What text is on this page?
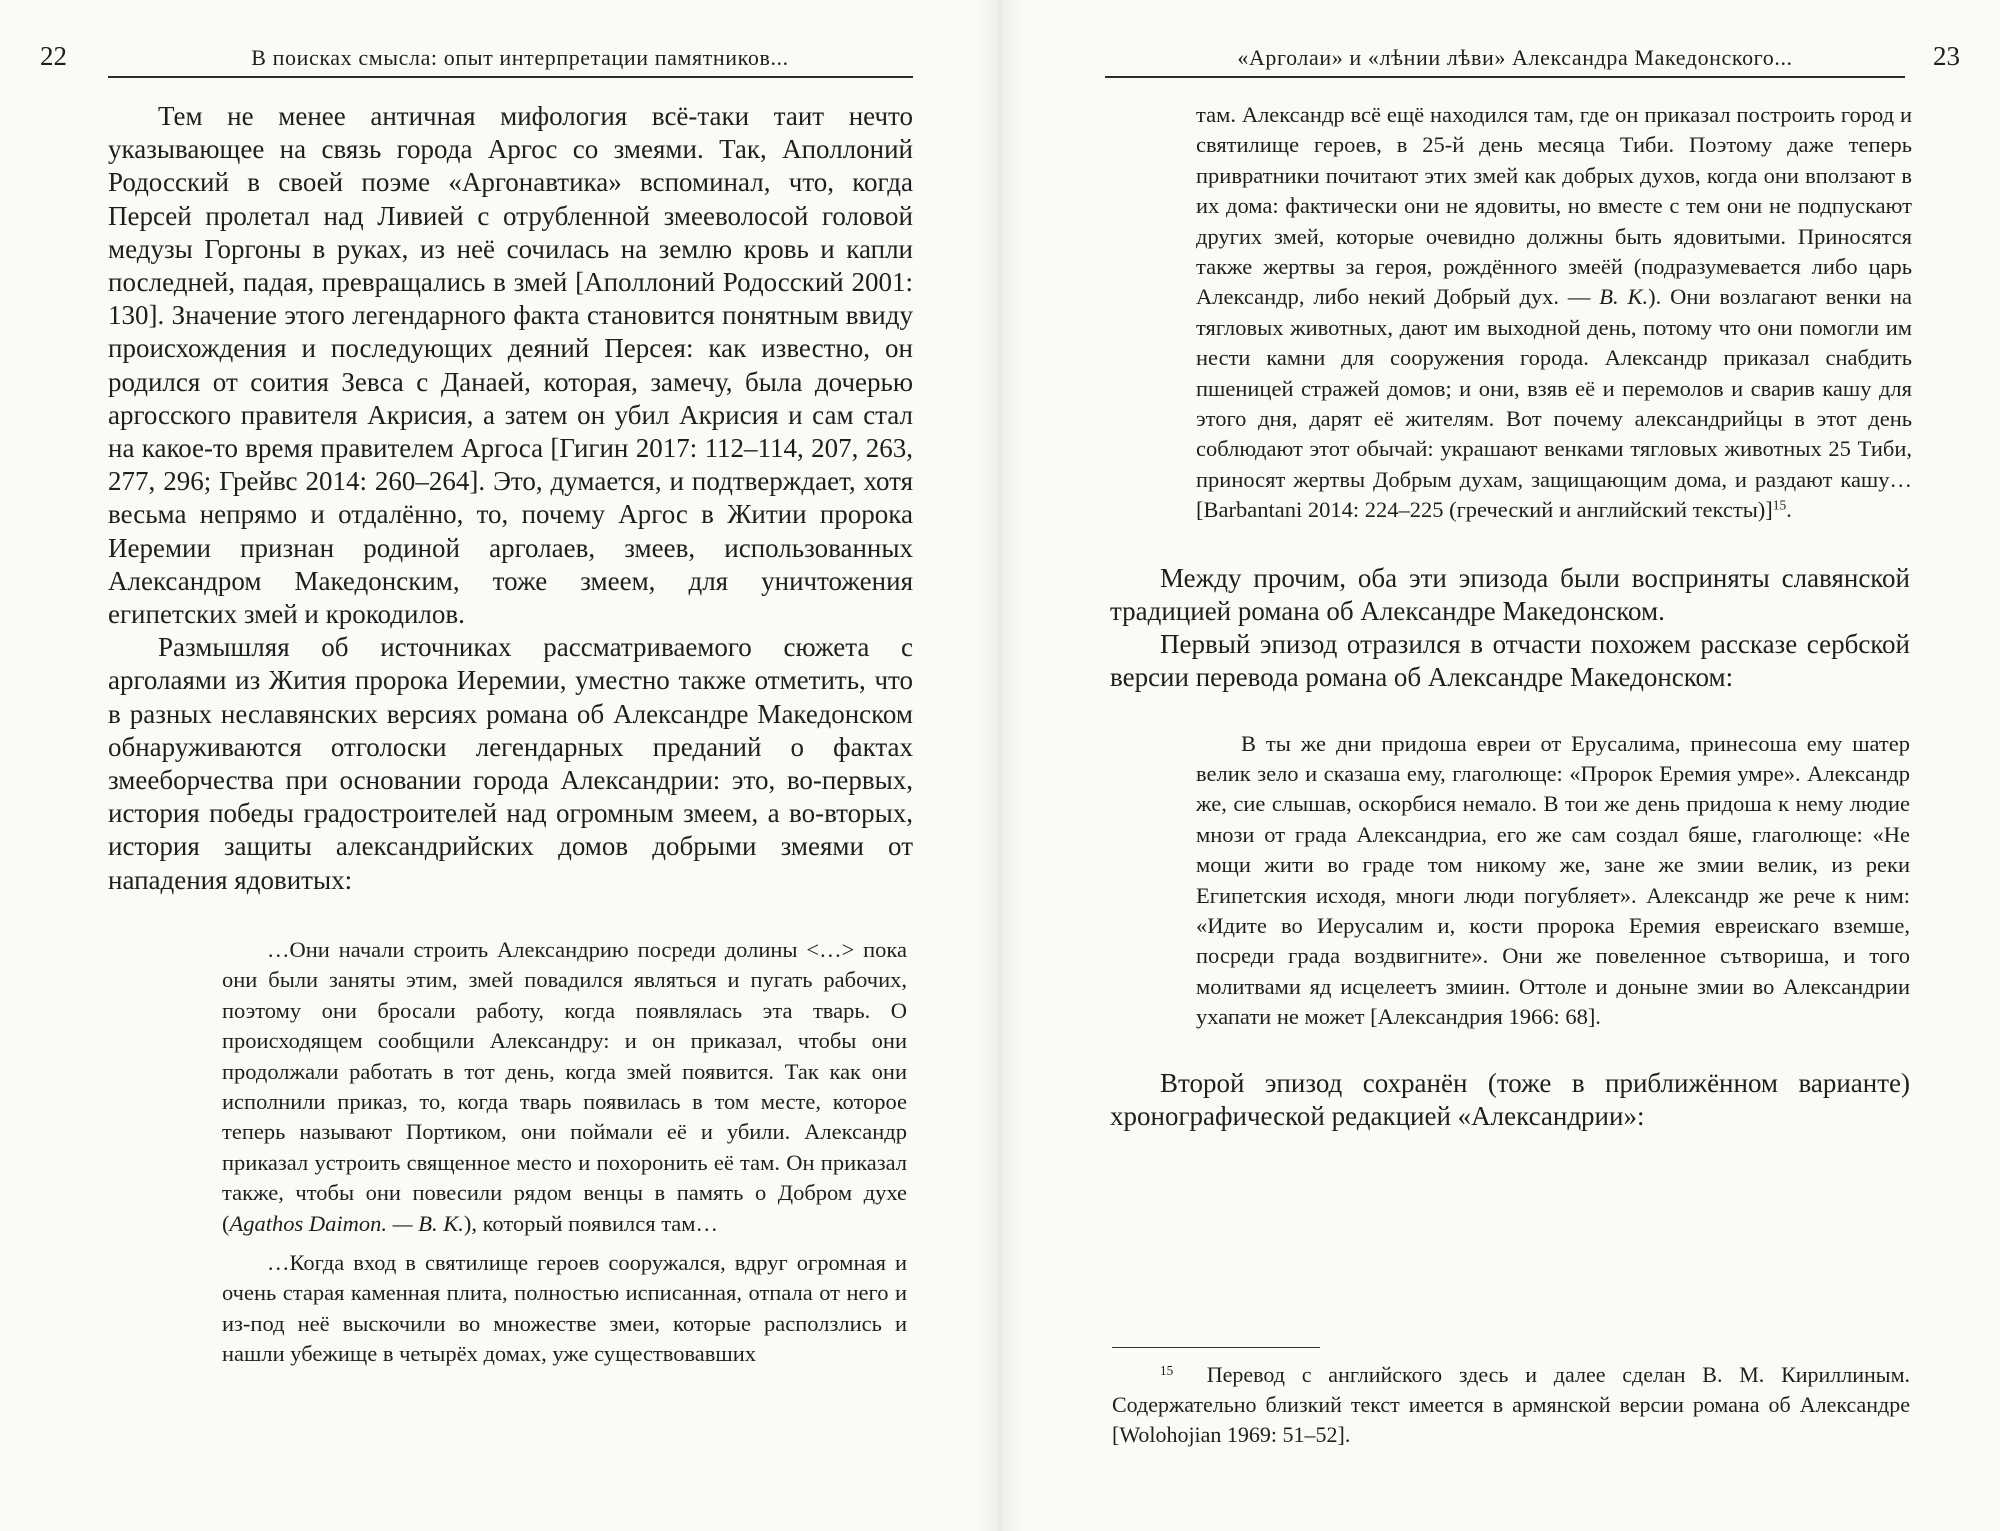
22	В поисках смысла: опыт интерпретации памятников...

Тем не менее античная мифология всё-таки таит нечто указывающее на связь города Аргос со змеями. Так, Аполлоний Родосский в своей поэме «Аргонавтика» вспоминал, что, когда Персей пролетал над Ливией с отрубленной змееволосой головой медузы Горгоны в руках, из неё сочилась на землю кровь и капли последней, падая, превращались в змей [Аполлоний Родосский 2001: 130]. Значение этого легендарного факта становится понятным ввиду происхождения и последующих деяний Персея: как известно, он родился от соития Зевса с Данаей, которая, замечу, была дочерью аргосского правителя Акрисия, а затем он убил Акрисия и сам стал на какое-то время правителем Аргоса [Гигин 2017: 112–114, 207, 263, 277, 296; Грейвс 2014: 260–264]. Это, думается, и подтверждает, хотя весьма непрямо и отдалённо, то, почему Аргос в Житии пророка Иеремии признан родиной арголаев, змеев, использованных Александром Македонским, тоже змеем, для уничтожения египетских змей и крокодилов.

Размышляя об источниках рассматриваемого сюжета с арголаями из Жития пророка Иеремии, уместно также отметить, что в разных неславянских версиях романа об Александре Македонском обнаруживаются отголоски легендарных преданий о фактах змееборчества при основании города Александрии: это, во-первых, история победы градостроителей над огромным змеем, а во-вторых, история защиты александрийских домов добрыми змеями от нападения ядовитых:

…Они начали строить Александрию посреди долины <…> пока они были заняты этим, змей повадился являться и пугать рабочих, поэтому они бросали работу, когда появлялась эта тварь. О происходящем сообщили Александру: и он приказал, чтобы они продолжали работать в тот день, когда змей появится. Так как они исполнили приказ, то, когда тварь появилась в том месте, которое теперь называют Портиком, они поймали её и убили. Александр приказал устроить священное место и похоронить её там. Он приказал также, чтобы они повесили рядом венцы в память о Добром духе (Agathos Daimon. — В. К.), который появился там…

…Когда вход в святилище героев сооружался, вдруг огромная и очень старая каменная плита, полностью исписанная, отпала от него и из-под неё выскочили во множестве змеи, которые расползлись и нашли убежище в четырёх домах, уже существовавших

23
«Арголаи» и «лѣнии лѣви» Александра Македонского...

там. Александр всё ещё находился там, где он приказал построить город и святилище героев, в 25-й день месяца Тиби. Поэтому даже теперь привратники почитают этих змей как добрых духов, когда они вползают в их дома: фактически они не ядовиты, но вместе с тем они не подпускают других змей, которые очевидно должны быть ядовитыми. Приносятся также жертвы за героя, рождённого змеёй (подразумевается либо царь Александр, либо некий Добрый дух. — В. К.). Они возлагают венки на тягловых животных, дают им выходной день, потому что они помогли им нести камни для сооружения города. Александр приказал снабдить пшеницей стражей домов; и они, взяв её и перемолов и сварив кашу для этого дня, дарят её жителям. Вот почему александрийцы в этот день соблюдают этот обычай: украшают венками тягловых животных 25 Тиби, приносят жертвы Добрым духам, защищающим дома, и раздают кашу… [Barbantani 2014: 224–225 (греческий и английский тексты)]$^{15}$.

Между прочим, оба эти эпизода были восприняты славянской традицией романа об Александре Македонском.

Первый эпизод отразился в отчасти похожем рассказе сербской версии перевода романа об Александре Македонском:

В ты же дни придоша евреи от Ерусалима, принесоша ему шатер велик зело и сказаша ему, глаголюще: «Пророк Еремия умре». Александр же, сие слышав, оскорбися немало. В тои же день придоша к нему людие мнози от града Александриа, его же сам создал бяше, глаголюще: «Не мощи жити во граде том никому же, зане же змии велик, из реки Египетския исходя, многи люди погубляет». Александр же рече к ним: «Идите во Иерусалим и, кости пророка Еремия евреискаго вземше, посреди града воздвигните». Они же повеленное сътвориша, и того молитвами яд исцелеетъ змиин. Оттоле и доныне змии во Александрии ухапати не может [Александрия 1966: 68].

Второй эпизод сохранён (тоже в приближённом варианте) хронографической редакцией «Александрии»:

$^{15}$ Перевод с английского здесь и далее сделан В. М. Кириллиным. Содержательно близкий текст имеется в армянской версии романа об Александре [Wolohojian 1969: 51–52].
